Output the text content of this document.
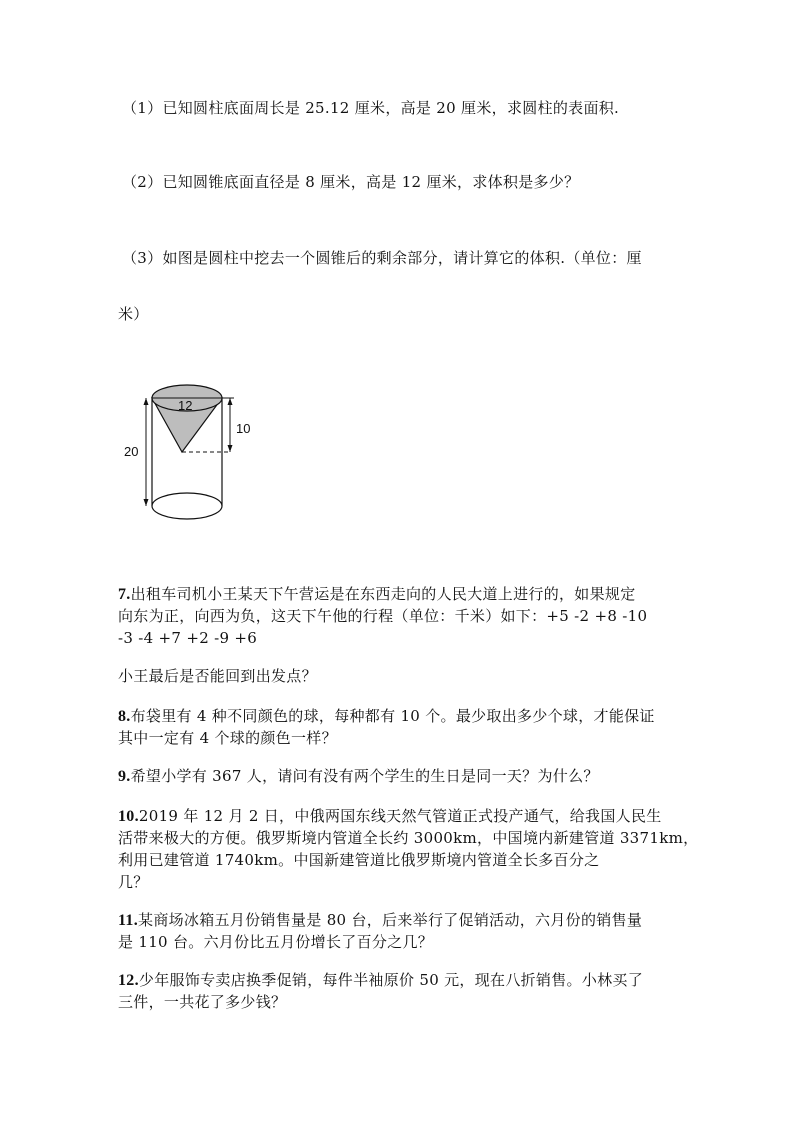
（1）已知圆柱底面周长是 25.12 厘米，高是 20 厘米，求圆柱的表面积.
（2）已知圆锥底面直径是 8 厘米，高是 12 厘米，求体积是多少？
（3）如图是圆柱中挖去一个圆锥后的剩余部分，请计算它的体积.（单位：厘
米）
12
10
20
7.出租车司机小王某天下午营运是在东西走向的人民大道上进行的，如果规定
向东为正，向西为负，这天下午他的行程（单位：千米）如下：+5 -2 +8 -10
-3 -4 +7 +2 -9 +6
小王最后是否能回到出发点？
8.布袋里有 4 种不同颜色的球，每种都有 10 个。最少取出多少个球，才能保证
其中一定有 4 个球的颜色一样？
9.希望小学有 367 人，请问有没有两个学生的生日是同一天？为什么？
10.2019 年 12 月 2 日，中俄两国东线天然气管道正式投产通气，给我国人民生
活带来极大的方便。俄罗斯境内管道全长约 3000km，中国境内新建管道 3371km，
利用已建管道 1740km。中国新建管道比俄罗斯境内管道全长多百分之
几？
11.某商场冰箱五月份销售量是 80 台，后来举行了促销活动，六月份的销售量
是 110 台。六月份比五月份增长了百分之几？
12.少年服饰专卖店换季促销，每件半袖原价 50 元，现在八折销售。小林买了
三件，一共花了多少钱？
